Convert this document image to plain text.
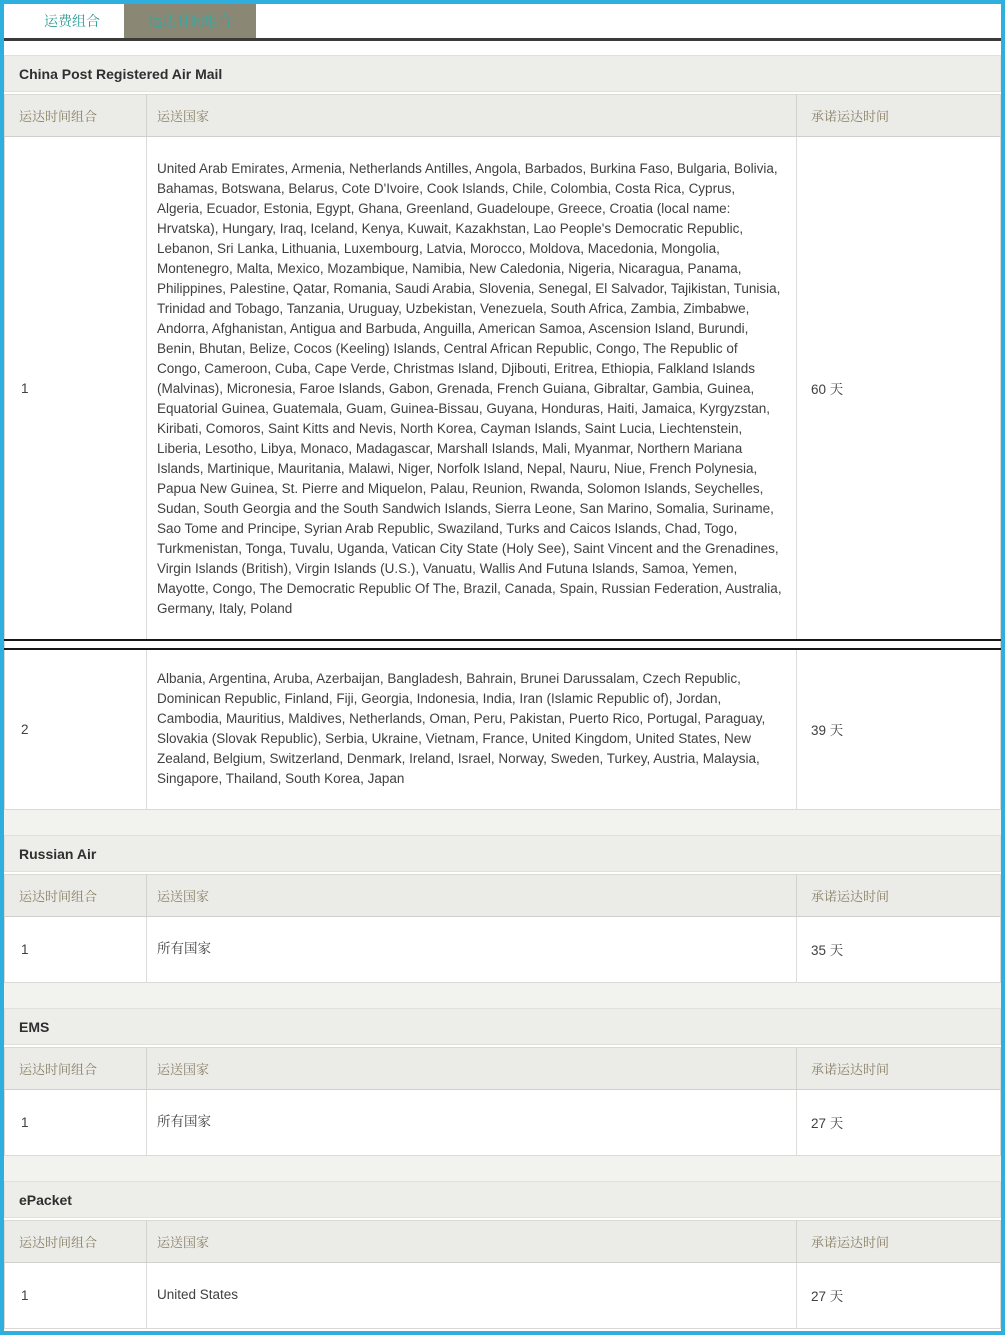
运费组合	运达时间组合
China Post Registered Air Mail
运达时间组合	运送国家	承诺运达时间
1	United Arab Emirates, Armenia, Netherlands Antilles, Angola, Barbados, Burkina Faso, Bulgaria, Bolivia, Bahamas, Botswana, Belarus, Cote D'Ivoire, Cook Islands, Chile, Colombia, Costa Rica, Cyprus, Algeria, Ecuador, Estonia, Egypt, Ghana, Greenland, Guadeloupe, Greece, Croatia (local name: Hrvatska), Hungary, Iraq, Iceland, Kenya, Kuwait, Kazakhstan, Lao People's Democratic Republic, Lebanon, Sri Lanka, Lithuania, Luxembourg, Latvia, Morocco, Moldova, Macedonia, Mongolia, Montenegro, Malta, Mexico, Mozambique, Namibia, New Caledonia, Nigeria, Nicaragua, Panama, Philippines, Palestine, Qatar, Romania, Saudi Arabia, Slovenia, Senegal, El Salvador, Tajikistan, Tunisia, Trinidad and Tobago, Tanzania, Uruguay, Uzbekistan, Venezuela, South Africa, Zambia, Zimbabwe, Andorra, Afghanistan, Antigua and Barbuda, Anguilla, American Samoa, Ascension Island, Burundi, Benin, Bhutan, Belize, Cocos (Keeling) Islands, Central African Republic, Congo, The Republic of Congo, Cameroon, Cuba, Cape Verde, Christmas Island, Djibouti, Eritrea, Ethiopia, Falkland Islands (Malvinas), Micronesia, Faroe Islands, Gabon, Grenada, French Guiana, Gibraltar, Gambia, Guinea, Equatorial Guinea, Guatemala, Guam, Guinea-Bissau, Guyana, Honduras, Haiti, Jamaica, Kyrgyzstan, Kiribati, Comoros, Saint Kitts and Nevis, North Korea, Cayman Islands, Saint Lucia, Liechtenstein, Liberia, Lesotho, Libya, Monaco, Madagascar, Marshall Islands, Mali, Myanmar, Northern Mariana Islands, Martinique, Mauritania, Malawi, Niger, Norfolk Island, Nepal, Nauru, Niue, French Polynesia, Papua New Guinea, St. Pierre and Miquelon, Palau, Reunion, Rwanda, Solomon Islands, Seychelles, Sudan, South Georgia and the South Sandwich Islands, Sierra Leone, San Marino, Somalia, Suriname, Sao Tome and Principe, Syrian Arab Republic, Swaziland, Turks and Caicos Islands, Chad, Togo, Turkmenistan, Tonga, Tuvalu, Uganda, Vatican City State (Holy See), Saint Vincent and the Grenadines, Virgin Islands (British), Virgin Islands (U.S.), Vanuatu, Wallis And Futuna Islands, Samoa, Yemen, Mayotte, Congo, The Democratic Republic Of The, Brazil, Canada, Spain, Russian Federation, Australia, Germany, Italy, Poland	60 天

2	Albania, Argentina, Aruba, Azerbaijan, Bangladesh, Bahrain, Brunei Darussalam, Czech Republic, Dominican Republic, Finland, Fiji, Georgia, Indonesia, India, Iran (Islamic Republic of), Jordan, Cambodia, Mauritius, Maldives, Netherlands, Oman, Peru, Pakistan, Puerto Rico, Portugal, Paraguay, Slovakia (Slovak Republic), Serbia, Ukraine, Vietnam, France, United Kingdom, United States, New Zealand, Belgium, Switzerland, Denmark, Ireland, Israel, Norway, Sweden, Turkey, Austria, Malaysia, Singapore, Thailand, South Korea, Japan	39 天
Russian Air
运达时间组合	运送国家	承诺运达时间
1	所有国家	35 天
EMS
运达时间组合	运送国家	承诺运达时间
1	所有国家	27 天
ePacket
运达时间组合	运送国家	承诺运达时间
1	United States	27 天
